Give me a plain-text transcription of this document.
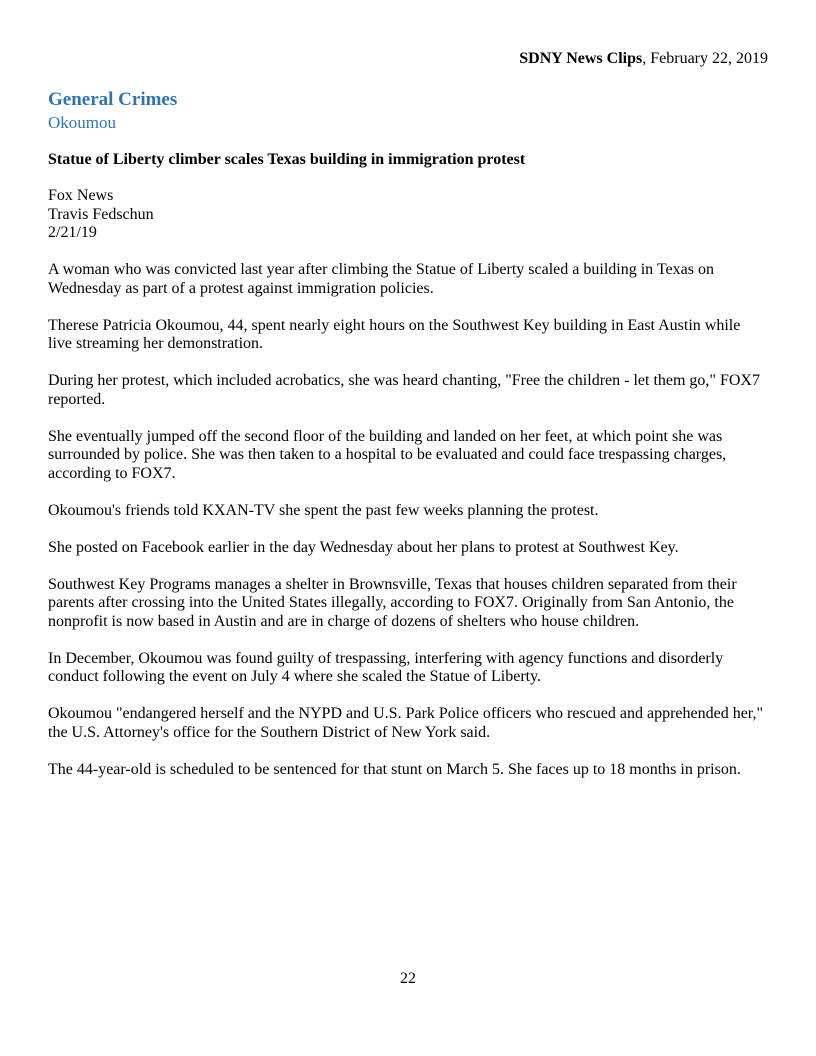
SDNY News Clips, February 22, 2019
General Crimes
Okoumou
Statue of Liberty climber scales Texas building in immigration protest
Fox News
Travis Fedschun
2/21/19

A woman who was convicted last year after climbing the Statue of Liberty scaled a building in Texas on Wednesday as part of a protest against immigration policies.

Therese Patricia Okoumou, 44, spent nearly eight hours on the Southwest Key building in East Austin while live streaming her demonstration.

During her protest, which included acrobatics, she was heard chanting, "Free the children - let them go," FOX7 reported.

She eventually jumped off the second floor of the building and landed on her feet, at which point she was surrounded by police. She was then taken to a hospital to be evaluated and could face trespassing charges, according to FOX7.

Okoumou's friends told KXAN-TV she spent the past few weeks planning the protest.

She posted on Facebook earlier in the day Wednesday about her plans to protest at Southwest Key.

Southwest Key Programs manages a shelter in Brownsville, Texas that houses children separated from their parents after crossing into the United States illegally, according to FOX7. Originally from San Antonio, the nonprofit is now based in Austin and are in charge of dozens of shelters who house children.

In December, Okoumou was found guilty of trespassing, interfering with agency functions and disorderly conduct following the event on July 4 where she scaled the Statue of Liberty.

Okoumou "endangered herself and the NYPD and U.S. Park Police officers who rescued and apprehended her," the U.S. Attorney's office for the Southern District of New York said.

The 44-year-old is scheduled to be sentenced for that stunt on March 5. She faces up to 18 months in prison.

22
